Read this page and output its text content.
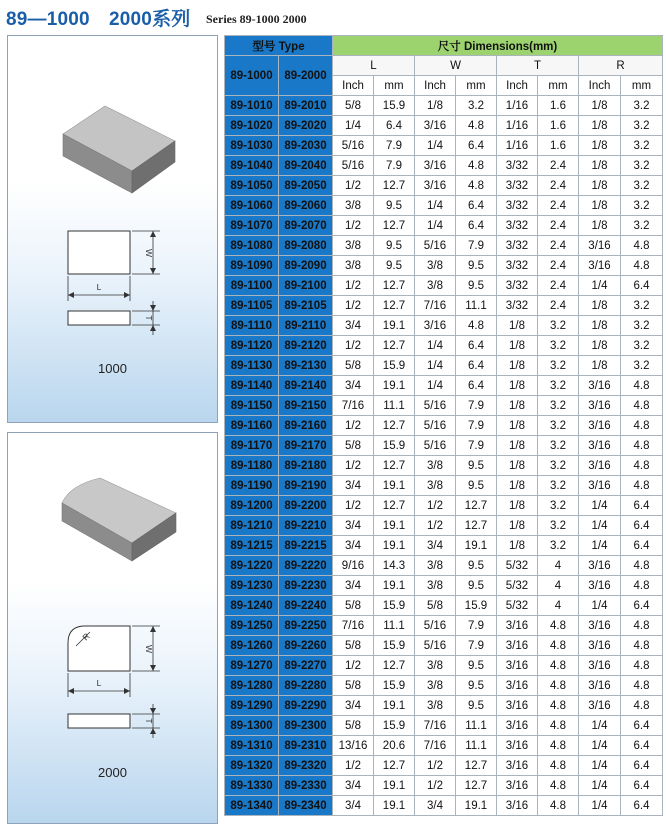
89—1000　2000系列 Series 89-1000 2000
W
L
T
1000
R
W
L
T
2000
型号 Type		尺寸 Dimensions(mm)							
89-1000	89-2000	L		W		T		R	
		Inch	mm	Inch	mm	Inch	mm	Inch	mm
89-1010	89-2010	5/8	15.9	1/8	3.2	1/16	1.6	1/8	3.2
89-1020	89-2020	1/4	6.4	3/16	4.8	1/16	1.6	1/8	3.2
89-1030	89-2030	5/16	7.9	1/4	6.4	1/16	1.6	1/8	3.2
89-1040	89-2040	5/16	7.9	3/16	4.8	3/32	2.4	1/8	3.2
89-1050	89-2050	1/2	12.7	3/16	4.8	3/32	2.4	1/8	3.2
89-1060	89-2060	3/8	9.5	1/4	6.4	3/32	2.4	1/8	3.2
89-1070	89-2070	1/2	12.7	1/4	6.4	3/32	2.4	1/8	3.2
89-1080	89-2080	3/8	9.5	5/16	7.9	3/32	2.4	3/16	4.8
89-1090	89-2090	3/8	9.5	3/8	9.5	3/32	2.4	3/16	4.8
89-1100	89-2100	1/2	12.7	3/8	9.5	3/32	2.4	1/4	6.4
89-1105	89-2105	1/2	12.7	7/16	11.1	3/32	2.4	1/8	3.2
89-1110	89-2110	3/4	19.1	3/16	4.8	1/8	3.2	1/8	3.2
89-1120	89-2120	1/2	12.7	1/4	6.4	1/8	3.2	1/8	3.2
89-1130	89-2130	5/8	15.9	1/4	6.4	1/8	3.2	1/8	3.2
89-1140	89-2140	3/4	19.1	1/4	6.4	1/8	3.2	3/16	4.8
89-1150	89-2150	7/16	11.1	5/16	7.9	1/8	3.2	3/16	4.8
89-1160	89-2160	1/2	12.7	5/16	7.9	1/8	3.2	3/16	4.8
89-1170	89-2170	5/8	15.9	5/16	7.9	1/8	3.2	3/16	4.8
89-1180	89-2180	1/2	12.7	3/8	9.5	1/8	3.2	3/16	4.8
89-1190	89-2190	3/4	19.1	3/8	9.5	1/8	3.2	3/16	4.8
89-1200	89-2200	1/2	12.7	1/2	12.7	1/8	3.2	1/4	6.4
89-1210	89-2210	3/4	19.1	1/2	12.7	1/8	3.2	1/4	6.4
89-1215	89-2215	3/4	19.1	3/4	19.1	1/8	3.2	1/4	6.4
89-1220	89-2220	9/16	14.3	3/8	9.5	5/32	4	3/16	4.8
89-1230	89-2230	3/4	19.1	3/8	9.5	5/32	4	3/16	4.8
89-1240	89-2240	5/8	15.9	5/8	15.9	5/32	4	1/4	6.4
89-1250	89-2250	7/16	11.1	5/16	7.9	3/16	4.8	3/16	4.8
89-1260	89-2260	5/8	15.9	5/16	7.9	3/16	4.8	3/16	4.8
89-1270	89-2270	1/2	12.7	3/8	9.5	3/16	4.8	3/16	4.8
89-1280	89-2280	5/8	15.9	3/8	9.5	3/16	4.8	3/16	4.8
89-1290	89-2290	3/4	19.1	3/8	9.5	3/16	4.8	3/16	4.8
89-1300	89-2300	5/8	15.9	7/16	11.1	3/16	4.8	1/4	6.4
89-1310	89-2310	13/16	20.6	7/16	11.1	3/16	4.8	1/4	6.4
89-1320	89-2320	1/2	12.7	1/2	12.7	3/16	4.8	1/4	6.4
89-1330	89-2330	3/4	19.1	1/2	12.7	3/16	4.8	1/4	6.4
89-1340	89-2340	3/4	19.1	3/4	19.1	3/16	4.8	1/4	6.4
